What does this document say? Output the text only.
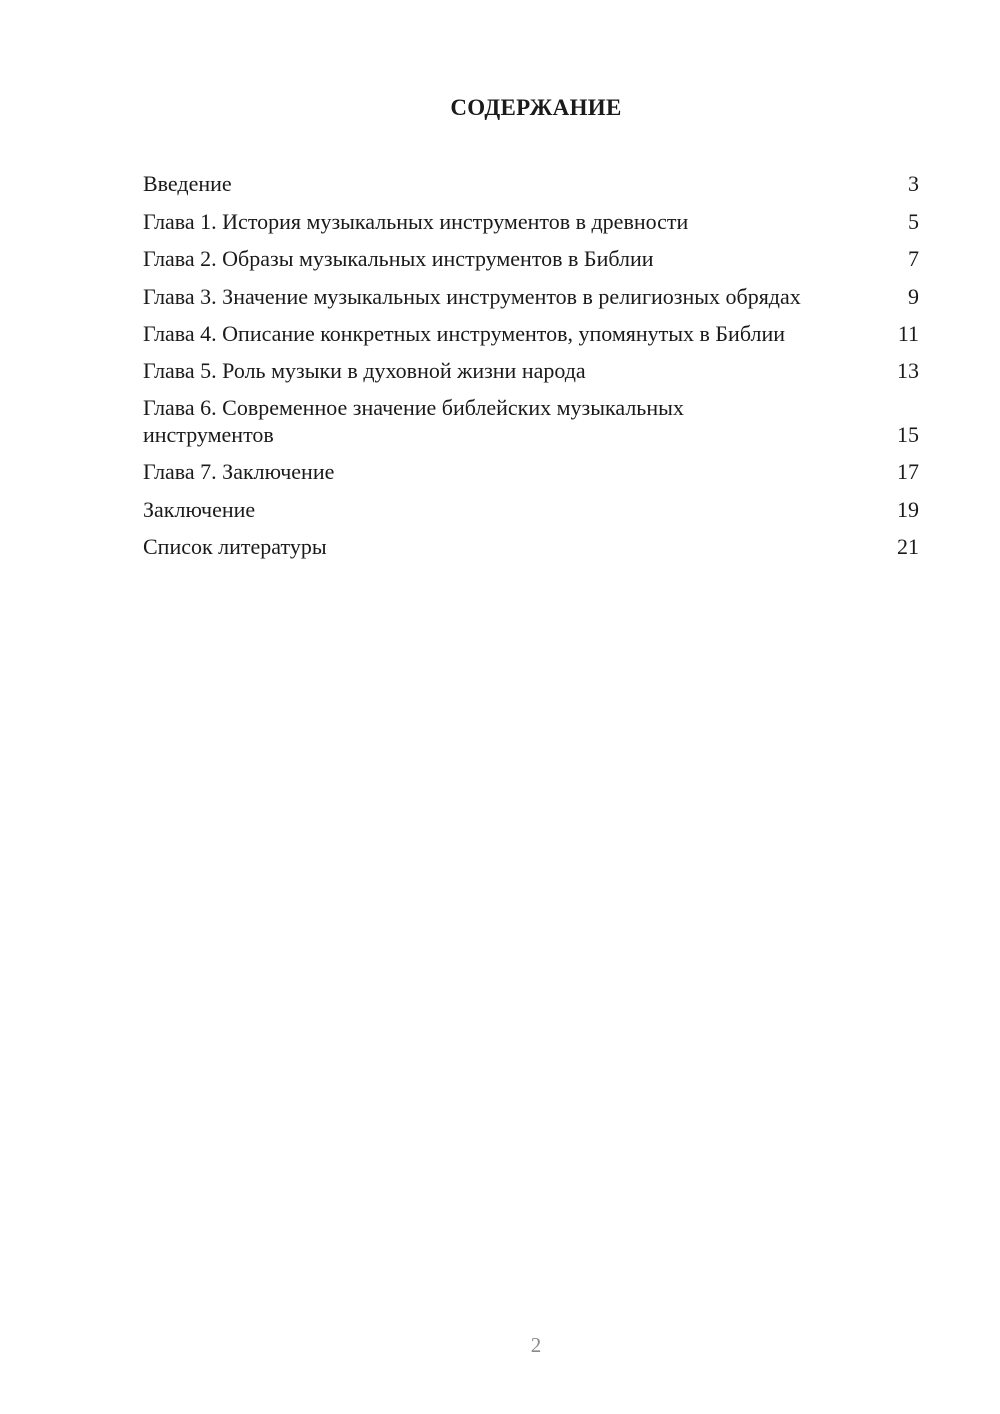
СОДЕРЖАНИЕ
Введение	3
Глава 1. История музыкальных инструментов в древности	5
Глава 2. Образы музыкальных инструментов в Библии	7
Глава 3. Значение музыкальных инструментов в религиозных обрядах	9
Глава 4. Описание конкретных инструментов, упомянутых в Библии	11
Глава 5. Роль музыки в духовной жизни народа	13
Глава 6. Современное значение библейских музыкальных инструментов	15
Глава 7. Заключение	17
Заключение	19
Список литературы	21
2
